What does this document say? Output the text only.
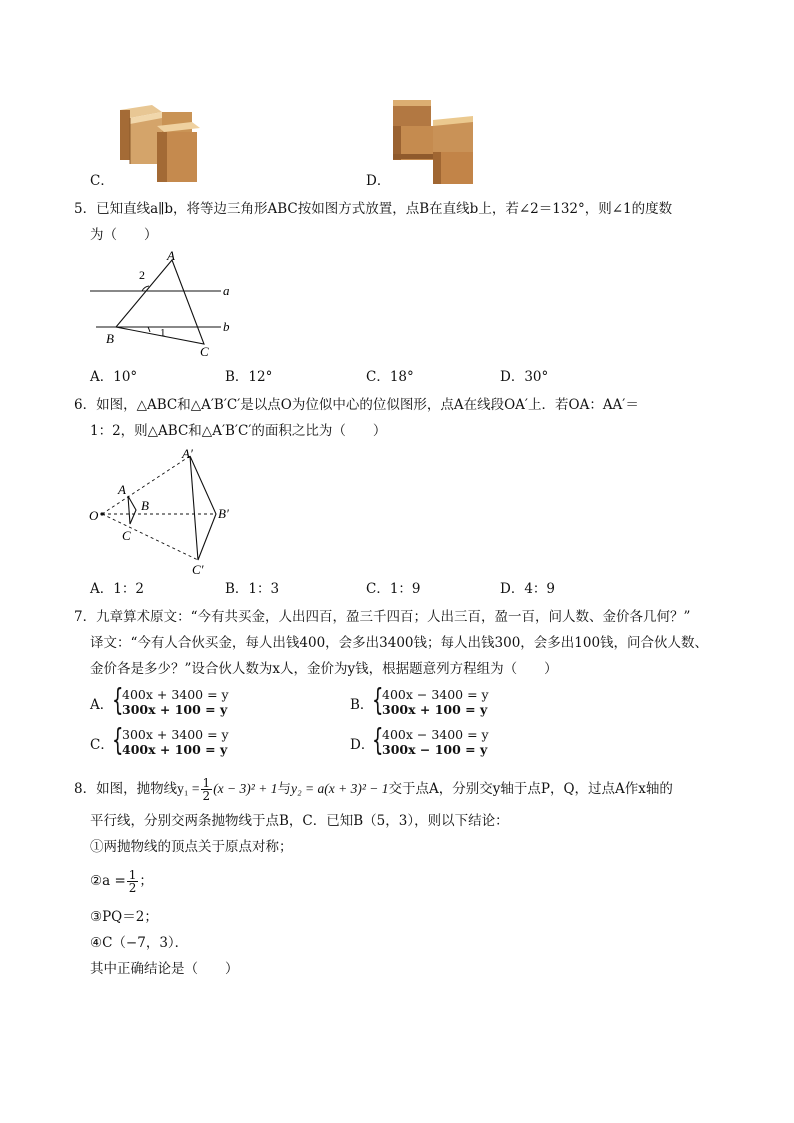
C．	D．
5．已知直线a∥b，将等边三角形ABC按如图方式放置，点B在直线b上，若∠2＝132°，则∠1的度数
为（　　）
A
2
a
1	b
B
C
A．10°	B．12°	C．18°	D．30°
6．如图，△ABC和△A′B′C′是以点O为位似中心的位似图形，点A在线段OA′上．若OA：AA′＝
1：2，则△ABC和△A′B′C′的面积之比为（　　）
O
A
B
C
A′
B′
C′
A．1：2	B．1：3	C．1：9	D．4：9
7．九章算术原文：“今有共买金，人出四百，盈三千四百；人出三百，盈一百，问人数、金价各几何？”
译文：“今有人合伙买金，每人出钱400，会多出3400钱；每人出钱300，会多出100钱，问合伙人数、
金价各是多少？”设合伙人数为x人，金价为y钱，根据题意列方程组为（　　）
A．
{
400x + 3400 = y
300x + 100 = y	B．
{
400x − 3400 = y
300x + 100 = y
C．
{
300x + 3400 = y
400x + 100 = y	D．
{
400x − 3400 = y
300x − 100 = y
8．如图，抛物线$y_1 = \frac{1}{2} (x - 3)^2 + 1$与y₂ = a(x + 3)² − 1交于点A，分别交y轴于点P，Q，过点A作x轴的
平行线，分别交两条抛物线于点B，C．已知B（5，3），则以下结论：
①两抛物线的顶点关于原点对称；
②a = $\frac{1}{2}$ ；
③PQ＝2；
④C（−7，3）．
其中正确结论是（　　）
